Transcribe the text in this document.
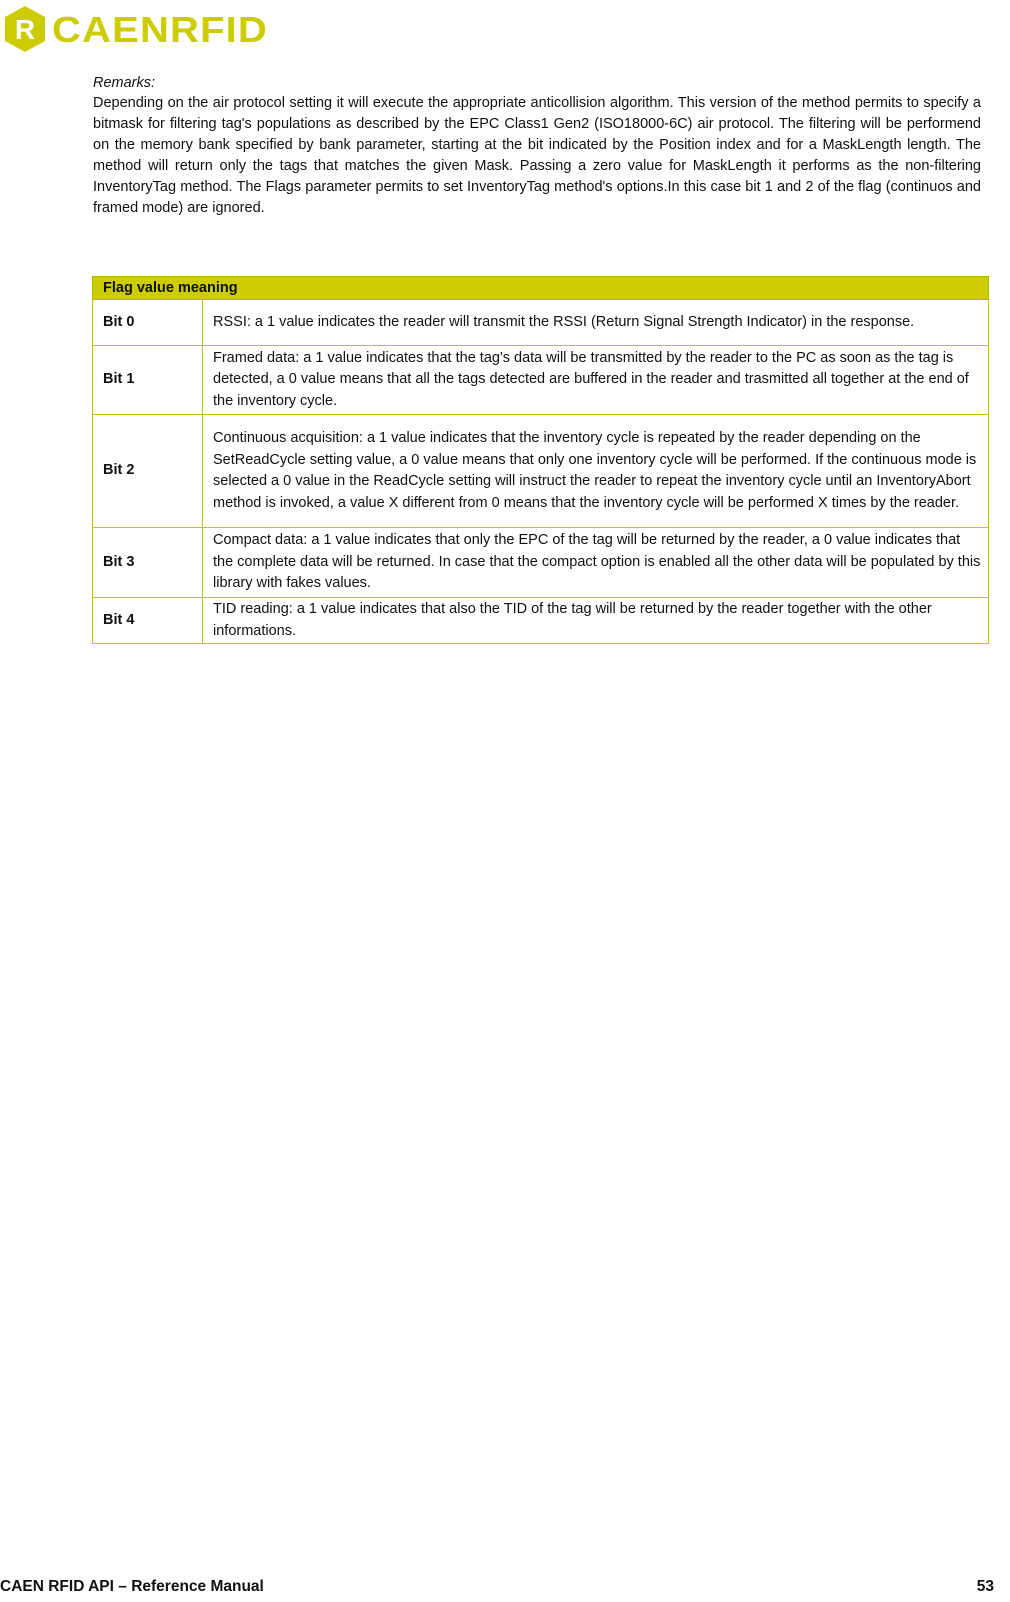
R CAENRFID

Remarks:

Depending on the air protocol setting it will execute the appropriate anticollision algorithm. This version of the method permits to specify a bitmask for filtering tag's populations as described by the EPC Class1 Gen2 (ISO18000-6C) air protocol. The filtering will be performend on the memory bank specified by bank parameter, starting at the bit indicated by the Position index and for a MaskLength length. The method will return only the tags that matches the given Mask. Passing a zero value for MaskLength it performs as the non-filtering InventoryTag method. The Flags parameter permits to set InventoryTag method's options.In this case bit 1 and 2 of the flag (continuos and framed mode) are ignored.

Flag value meaning	
Bit 0	RSSI: a 1 value indicates the reader will transmit the RSSI (Return Signal Strength Indicator) in the response.
Bit 1	Framed data: a 1 value indicates that the tag's data will be transmitted by the reader to the PC as soon as the tag is detected, a 0 value means that all the tags detected are buffered in the reader and trasmitted all together at the end of the inventory cycle.
Bit 2	Continuous acquisition: a 1 value indicates that the inventory cycle is repeated by the reader depending on the SetReadCycle setting value, a 0 value means that only one inventory cycle will be performed. If the continuous mode is selected a 0 value in the ReadCycle setting will instruct the reader to repeat the inventory cycle until an InventoryAbort method is invoked, a value X different from 0 means that the inventory cycle will be performed X times by the reader.
Bit 3	Compact data: a 1 value indicates that only the EPC of the tag will be returned by the reader, a 0 value indicates that the complete data will be returned. In case that the compact option is enabled all the other data will be populated by this library with fakes values.
Bit 4	TID reading: a 1 value indicates that also the TID of the tag will be returned by the reader together with the other informations.

CAEN RFID API – Reference Manual	53
